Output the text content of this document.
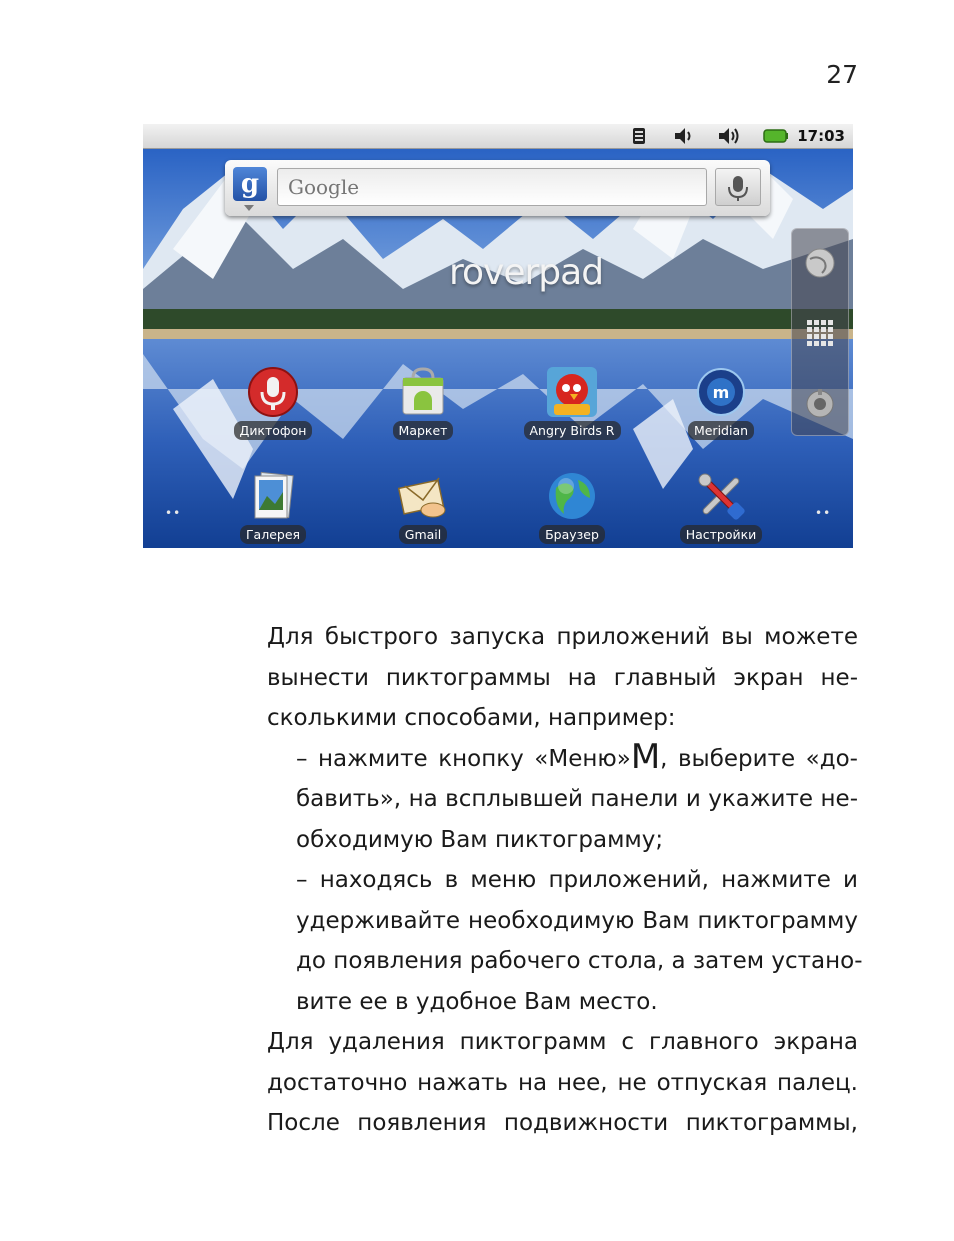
27
17:03
roverpad
g
Google
Диктофон	Маркет	Angry Birds R
m
Meridian
Галерея	Gmail	Браузер	Настройки
••	••

Для быстрого запуска приложений вы можете
вынести пиктограммы на главный экран не-
сколькими способами, например:

– нажмите кнопку «Меню»M, выберите «до-
бавить», на всплывшей панели и укажите не-
обходимую Вам пиктограмму;

– находясь в меню приложений, нажмите и
удерживайте необходимую Вам пиктограмму
до появления рабочего стола, а затем устано-
вите ее в удобное Вам место.

Для удаления пиктограмм с главного экрана
достаточно нажать на нее, не отпуская палец.
После появления подвижности пиктограммы,
